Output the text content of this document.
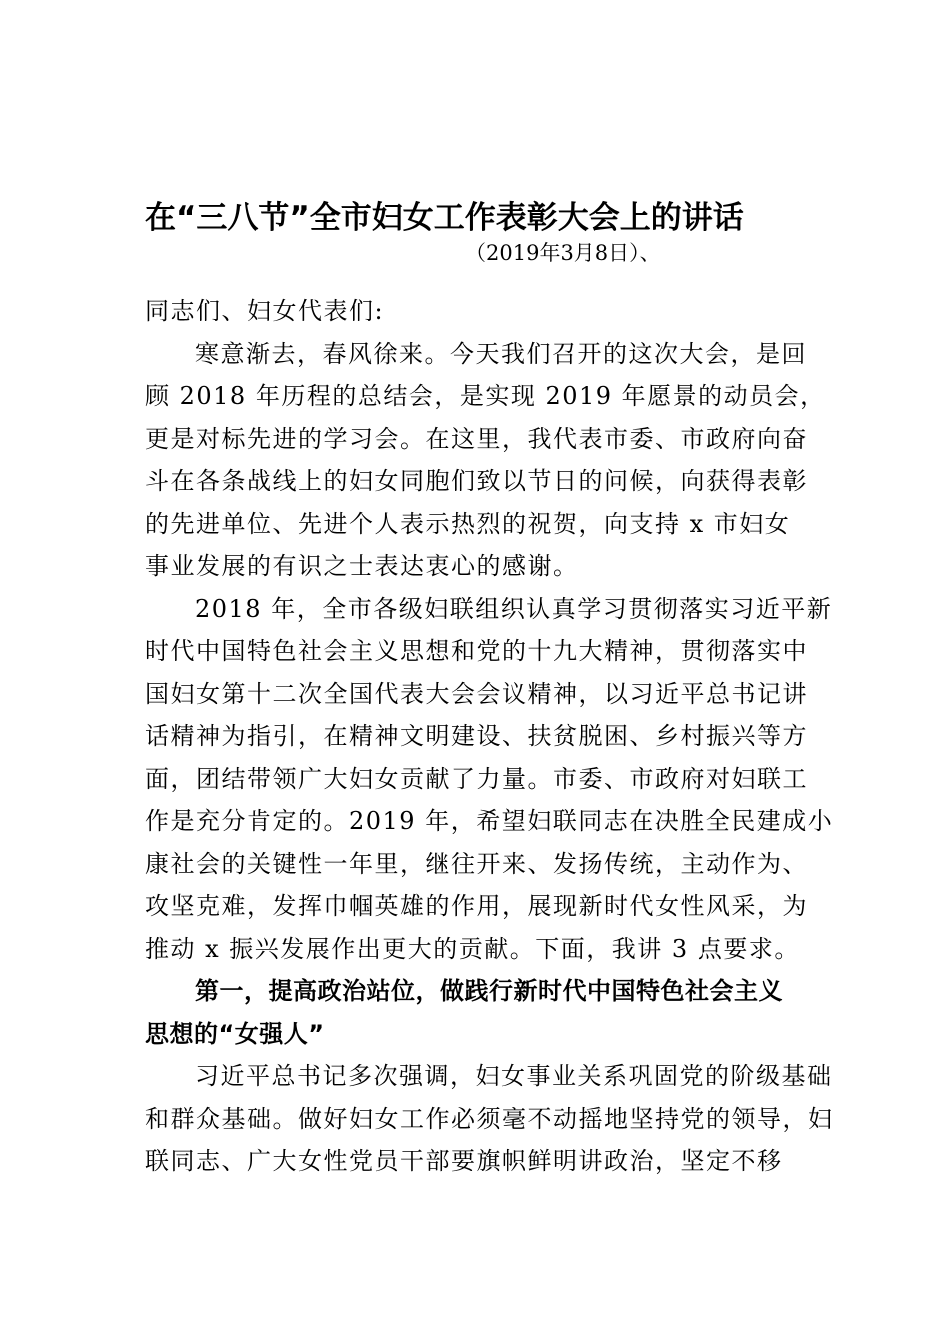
在“三八节”全市妇女工作表彰大会上的讲话
（2019年3月8日）、
同志们、妇女代表们:
寒意渐去，春风徐来。今天我们召开的这次大会，是回
顾 2018 年历程的总结会，是实现 2019 年愿景的动员会，
更是对标先进的学习会。在这里，我代表市委、市政府向奋
斗在各条战线上的妇女同胞们致以节日的问候，向获得表彰
的先进单位、先进个人表示热烈的祝贺，向支持 x 市妇女
事业发展的有识之士表达衷心的感谢。
2018 年，全市各级妇联组织认真学习贯彻落实习近平新
时代中国特色社会主义思想和党的十九大精神，贯彻落实中
国妇女第十二次全国代表大会会议精神，以习近平总书记讲
话精神为指引，在精神文明建设、扶贫脱困、乡村振兴等方
面，团结带领广大妇女贡献了力量。市委、市政府对妇联工
作是充分肯定的。2019 年，希望妇联同志在决胜全民建成小
康社会的关键性一年里，继往开来、发扬传统，主动作为、
攻坚克难，发挥巾帼英雄的作用，展现新时代女性风采，为
推动 x 振兴发展作出更大的贡献。下面，我讲 3 点要求。
第一，提高政治站位，做践行新时代中国特色社会主义
思想的“女强人”
习近平总书记多次强调，妇女事业关系巩固党的阶级基础
和群众基础。做好妇女工作必须毫不动摇地坚持党的领导，妇
联同志、广大女性党员干部要旗帜鲜明讲政治，坚定不移
